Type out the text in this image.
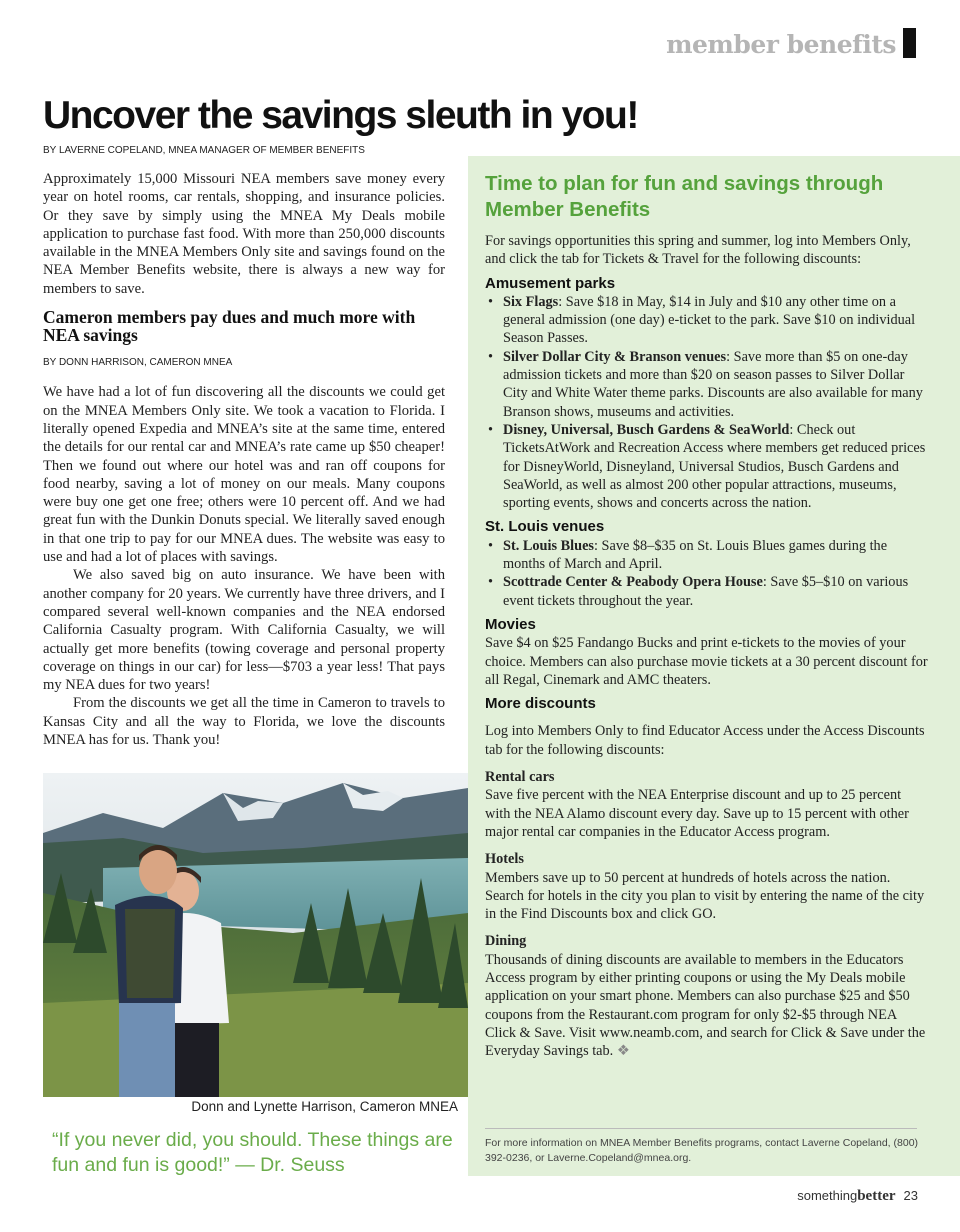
member benefits
Uncover the savings sleuth in you!
BY LAVERNE COPELAND, MNEA MANAGER OF MEMBER BENEFITS

Approximately 15,000 Missouri NEA members save money every year on hotel rooms, car rentals, shopping, and insurance policies. Or they save by simply using the MNEA My Deals mobile application to purchase fast food. With more than 250,000 discounts available in the MNEA Members Only site and savings found on the NEA Member Benefits website, there is always a new way for members to save.

Cameron members pay dues and much more with NEA savings
BY DONN HARRISON, CAMERON MNEA

We have had a lot of fun discovering all the discounts we could get on the MNEA Members Only site. We took a vacation to Florida. I literally opened Expedia and MNEA’s site at the same time, entered the details for our rental car and MNEA’s rate came up $50 cheaper! Then we found out where our hotel was and ran off coupons for food nearby, saving a lot of money on our meals. Many coupons were buy one get one free; others were 10 percent off. And we had great fun with the Dunkin Donuts special. We literally saved enough in that one trip to pay for our MNEA dues. The website was easy to use and had a lot of places with savings.

We also saved big on auto insurance. We have been with another company for 20 years. We currently have three drivers, and I compared several well-known companies and the NEA endorsed California Casualty program. With California Casualty, we will actually get more benefits (towing coverage and personal property coverage on things in our car) for less—$703 a year less! That pays my NEA dues for two years!

From the discounts we get all the time in Cameron to travels to Kansas City and all the way to Florida, we love the discounts MNEA has for us. Thank you!

Donn and Lynette Harrison, Cameron MNEA
“If you never did, you should. These things are fun and fun is good!” — Dr. Seuss
Time to plan for fun and savings through Member Benefits

For savings opportunities this spring and summer, log into Members Only, and click the tab for Tickets & Travel for the following discounts:

Amusement parks
• Six Flags: Save $18 in May, $14 in July and $10 any other time on a general admission (one day) e-ticket to the park. Save $10 on individual Season Passes.
• Silver Dollar City & Branson venues: Save more than $5 on one-day admission tickets and more than $20 on season passes to Silver Dollar City and White Water theme parks. Discounts are also available for many Branson shows, museums and activities.
• Disney, Universal, Busch Gardens & SeaWorld: Check out TicketsAtWork and Recreation Access where members get reduced prices for DisneyWorld, Disneyland, Universal Studios, Busch Gardens and SeaWorld, as well as almost 200 other popular attractions, museums, sporting events, shows and concerts across the nation.
St. Louis venues
• St. Louis Blues: Save $8–$35 on St. Louis Blues games during the months of March and April.
• Scottrade Center & Peabody Opera House: Save $5–$10 on various event tickets throughout the year.
Movies

Save $4 on $25 Fandango Bucks and print e-tickets to the movies of your choice. Members can also purchase movie tickets at a 30 percent discount for all Regal, Cinemark and AMC theaters.

More discounts

Log into Members Only to find Educator Access under the Access Discounts tab for the following discounts:

Rental cars

Save five percent with the NEA Enterprise discount and up to 25 percent with the NEA Alamo discount every day. Save up to 15 percent with other major rental car companies in the Educator Access program.

Hotels

Members save up to 50 percent at hundreds of hotels across the nation. Search for hotels in the city you plan to visit by entering the name of the city in the Find Discounts box and click GO.

Dining

Thousands of dining discounts are available to members in the Educators Access program by either printing coupons or using the My Deals mobile application on your smart phone. Members can also purchase $25 and $50 coupons from the Restaurant.com program for only $2-$5 through NEA Click & Save. Visit www.neamb.com, and search for Click & Save under the Everyday Savings tab. ❖

For more information on MNEA Member Benefits programs, contact Laverne Copeland, (800) 392-0236, or Laverne.Copeland@mnea.org.
somethingbetter 23
